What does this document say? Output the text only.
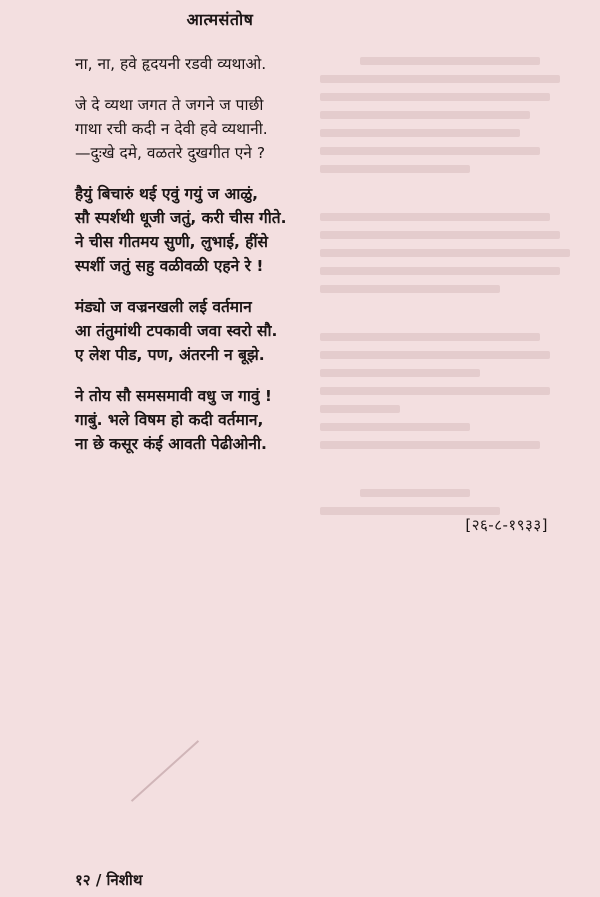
आत्मसंतोष
ना, ना, हवे हृदयनी रडवी व्यथाओ.
जे दे व्यथा जगत ते जगने ज पाछी
गाथा रची कदी न देवी हवे व्यथानी.
—दुःखे दमे, वळतरे दुखगीत एने ?
हैयुं बिचारुं थई एवुं गयुं ज आळुं,
सौ स्पर्शथी धूजी जतुं, करी चीस गीते.
ने चीस गीतमय सुणी, लुभाई, हींसे
स्पर्शी जतुं सहु वळीवळी एहने रे !
मंड्यो ज वज्रनखली लई वर्तमान
आ तंतुमांथी टपकावी जवा स्वरो सौ.
ए लेश पीड, पण, अंतरनी न बूझे.
ने तोय सौ समसमावी वधु ज गावुं !
गाबुं. भले विषम हो कदी वर्तमान,
ना छे कसूर कंई आवती पेढीओनी.
[२६-८-१९३३]
१२ / निशीथ
